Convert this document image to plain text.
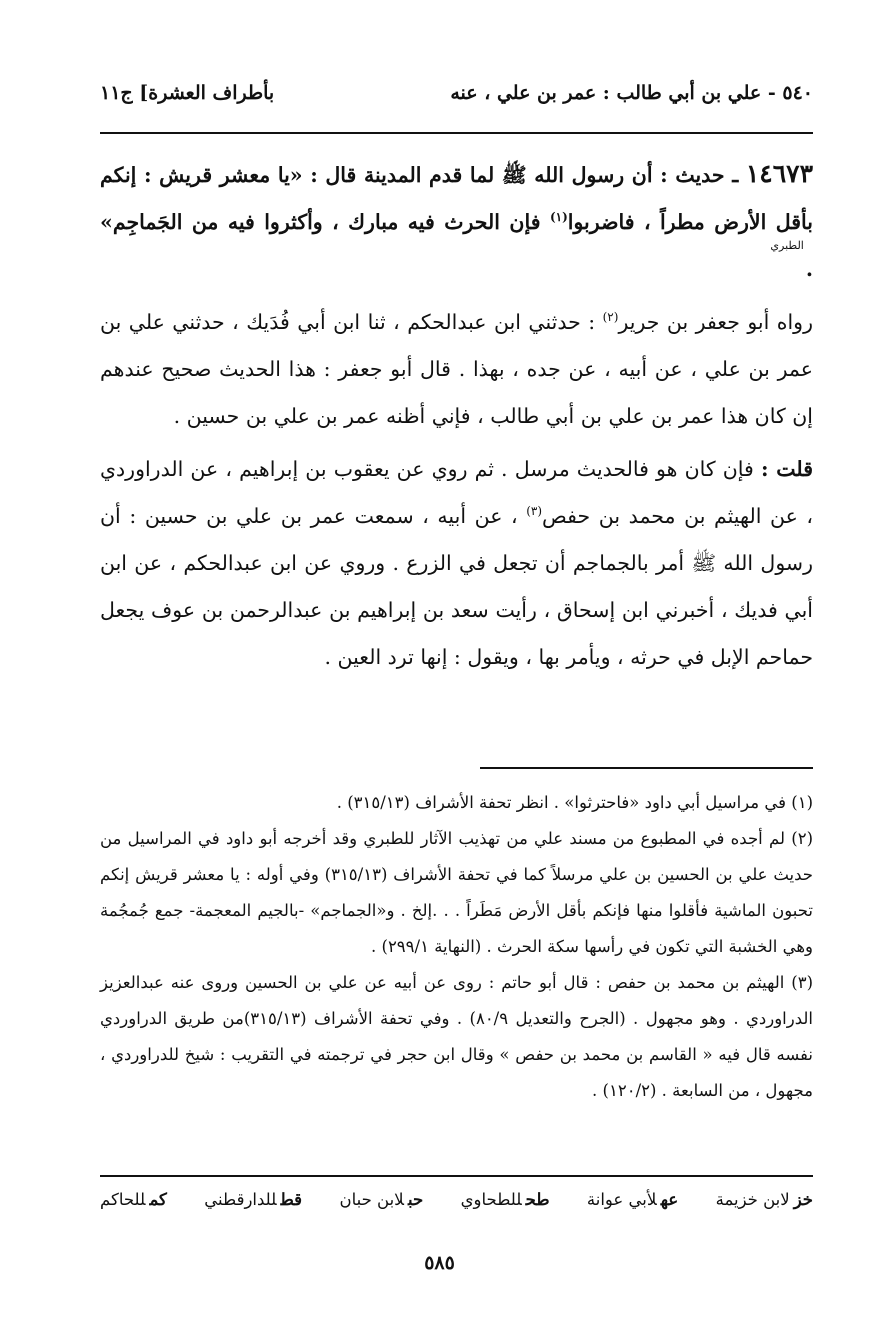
٥٤٠ - علي بن أبي طالب : عمر بن علي ، عنه
بأطراف العشرة] ج١١

١٤٦٧٣ ـ حديث : أن رسول الله ﷺ لما قدم المدينة قال : «يا معشر قريش : إنكم بأقل الأرض مطراً ، فاضربوا$^{(١)}$ فإن الحرث فيه مبارك ، وأكثروا فيه من الجَماجِم» .$^{الطبري}$

رواه أبو جعفر بن جرير$^{(٢)}$ : حدثني ابن عبدالحكم ، ثنا ابن أبي فُدَيك ، حدثني علي بن عمر بن علي ، عن أبيه ، عن جده ، بهذا . قال أبو جعفر : هذا الحديث صحيح عندهم إن كان هذا عمر بن علي بن أبي طالب ، فإني أظنه عمر بن علي بن حسين .

قلت : فإن كان هو فالحديث مرسل . ثم روي عن يعقوب بن إبراهيم ، عن الدراوردي ، عن الهيثم بن محمد بن حفص$^{(٣)}$ ، عن أبيه ، سمعت عمر بن علي بن حسين : أن رسول الله ﷺ أمر بالجماجم أن تجعل في الزرع . وروي عن ابن عبدالحكم ، عن ابن أبي فديك ، أخبرني ابن إسحاق ، رأيت سعد بن إبراهيم بن عبدالرحمن بن عوف يجعل حماحم الإبل في حرثه ، ويأمر بها ، ويقول : إنها ترد العين .

(١) في مراسيل أبي داود «فاحترثوا» . انظر تحفة الأشراف (٣١٥/١٣) .

(٢) لم أجده في المطبوع من مسند علي من تهذيب الآثار للطبري وقد أخرجه أبو داود في المراسيل من حديث علي بن الحسين بن علي مرسلاً كما في تحفة الأشراف (٣١٥/١٣) وفي أوله : يا معشر قريش إنكم تحبون الماشية فأقلوا منها فإنكم بأقل الأرض مَطَراً . . .إلخ . و«الجماجم» -بالجيم المعجمة- جمع جُمجُمة وهي الخشبة التي تكون في رأسها سكة الحرث . (النهاية ٢٩٩/١) .

(٣) الهيثم بن محمد بن حفص : قال أبو حاتم : روى عن أبيه عن علي بن الحسين وروى عنه عبدالعزيز الدراوردي . وهو مجهول . (الجرح والتعديل ٨٠/٩) . وفي تحفة الأشراف (٣١٥/١٣)من طريق الدراوردي نفسه قال فيه « القاسم بن محمد بن حفص » وقال ابن حجر في ترجمته في التقريب : شيخ للدراوردي ، مجهول ، من السابعة . (١٢٠/٢) .

خزلابن خزيمة
عهلأبي عوانة
طحللطحاوي
حبلابن حبان
قطللدارقطني
كمللحاكم
٥٨٥
